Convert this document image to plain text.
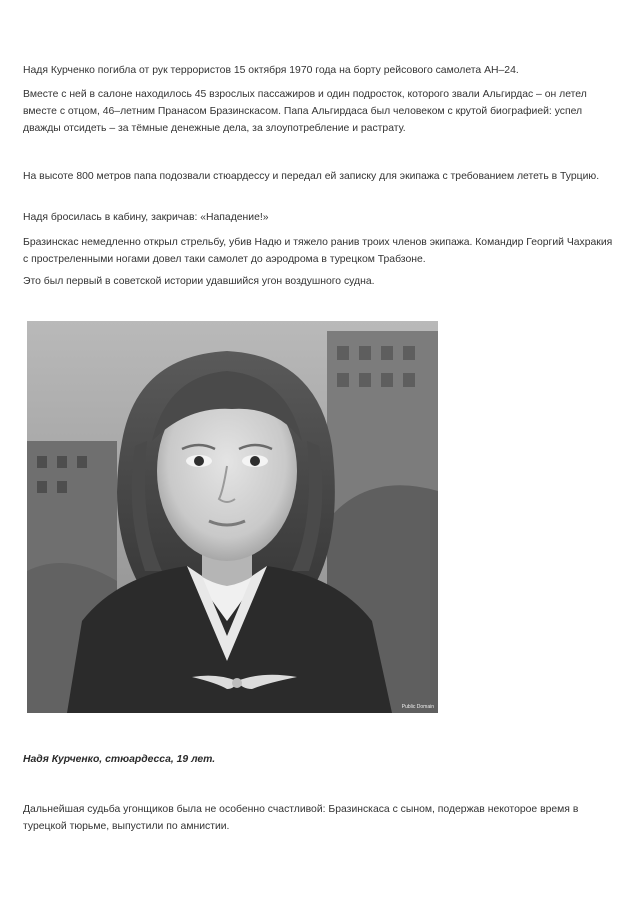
Надя Курченко погибла от рук террористов 15 октября 1970 года на борту рейсового самолета АН–24.

Вместе с ней в салоне находилось 45 взрослых пассажиров и один подросток, которого звали Альгирдас – он летел вместе с отцом, 46–летним Пранасом Бразинскасом. Папа Альгирдаса был человеком с крутой биографией: успел дважды отсидеть – за тёмные денежные дела, за злоупотребление и растрату.

На высоте 800 метров папа подозвали стюардессу и передал ей записку для экипажа с требованием лететь в Турцию.

Надя бросилась в кабину, закричав: «Нападение!»

Бразинскас немедленно открыл стрельбу, убив Надю и тяжело ранив троих членов экипажа. Командир Георгий Чахракия с простреленными ногами довел таки самолет до аэродрома в турецком Трабзоне.

Это был первый в советской истории удавшийся угон воздушного судна.

Public Domain

Надя Курченко, стюардесса, 19 лет.

Дальнейшая судьба угонщиков была не особенно счастливой: Бразинскаса с сыном, подержав некоторое время в турецкой тюрьме, выпустили по амнистии.
